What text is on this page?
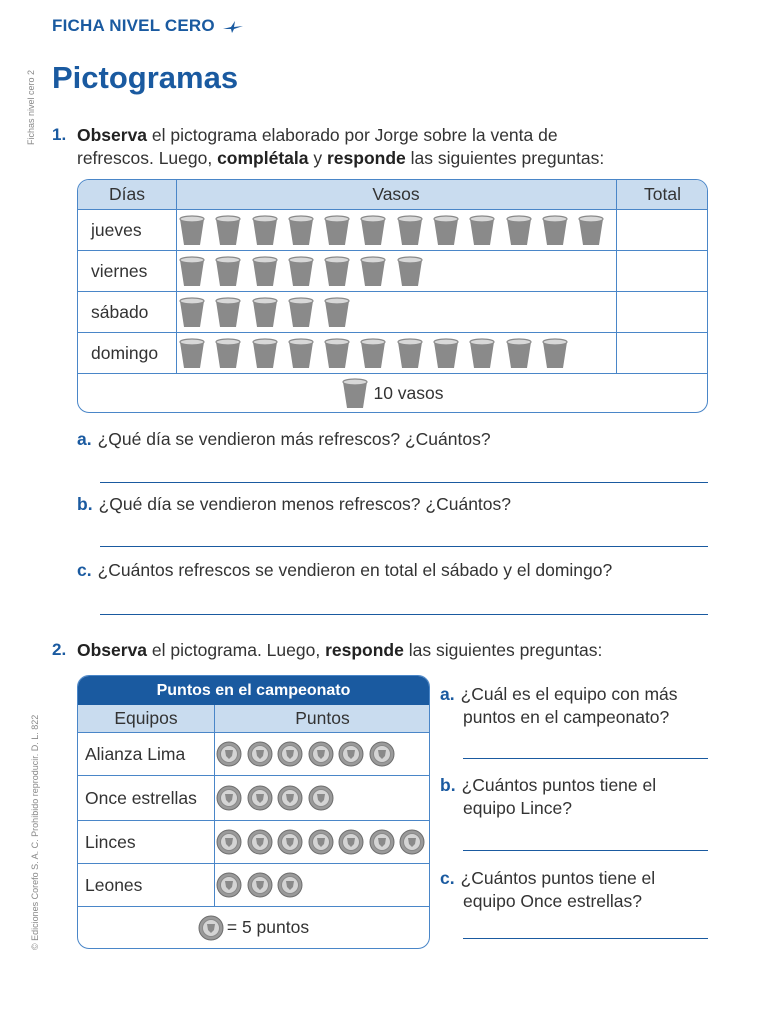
FICHA NIVEL CERO
Pictogramas
Fichas nivel cero 2
© Ediciones Corefo S. A. C. Prohibido reproducir. D. L. 822
1. Observa el pictograma elaborado por Jorge sobre la venta de
refrescos. Luego, complétala y responde las siguientes preguntas:
Días	Vasos	Total
jueves
viernes
sábado
domingo
10 vasos
a. ¿Qué día se vendieron más refrescos? ¿Cuántos?
b. ¿Qué día se vendieron menos refrescos? ¿Cuántos?
c. ¿Cuántos refrescos se vendieron en total el sábado y el domingo?
2. Observa el pictograma. Luego, responde las siguientes preguntas:
Puntos en el campeonato
Equipos	Puntos
Alianza Lima
Once estrellas
Linces
Leones
= 5 puntos
a. ¿Cuál es el equipo con más
puntos en el campeonato?
b. ¿Cuántos puntos tiene el
equipo Lince?
c. ¿Cuántos puntos tiene el
equipo Once estrellas?
